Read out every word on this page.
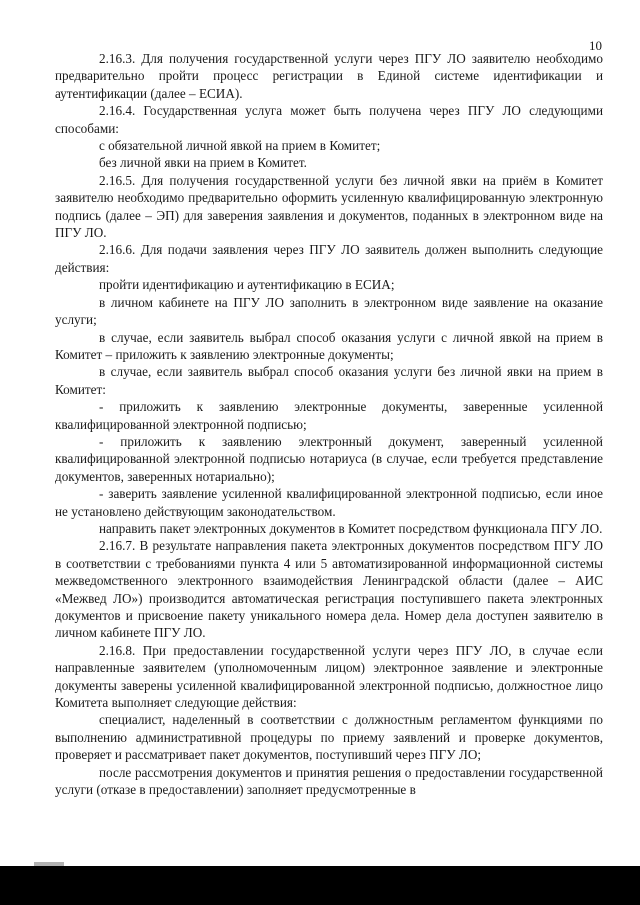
10

2.16.3. Для получения государственной услуги через ПГУ ЛО заявителю необходимо предварительно пройти процесс регистрации в Единой системе идентификации и аутентификации (далее – ЕСИА).

2.16.4. Государственная услуга может быть получена через ПГУ ЛО следующими способами:

с обязательной личной явкой на прием в Комитет;

без личной явки на прием в Комитет.

2.16.5. Для получения государственной услуги без личной явки на приём в Комитет заявителю необходимо предварительно оформить усиленную квалифицированную электронную подпись (далее – ЭП) для заверения заявления и документов, поданных в электронном виде на ПГУ ЛО.

2.16.6. Для подачи заявления через ПГУ ЛО заявитель должен выполнить следующие действия:

пройти идентификацию и аутентификацию в ЕСИА;

в личном кабинете на ПГУ ЛО заполнить в электронном виде заявление на оказание услуги;

в случае, если заявитель выбрал способ оказания услуги с личной явкой на прием в Комитет – приложить к заявлению электронные документы;

в случае, если заявитель выбрал способ оказания услуги без личной явки на прием в Комитет:

- приложить к заявлению электронные документы, заверенные усиленной квалифицированной электронной подписью;

- приложить к заявлению электронный документ, заверенный усиленной квалифицированной электронной подписью нотариуса (в случае, если требуется представление документов, заверенных нотариально);

- заверить заявление усиленной квалифицированной электронной подписью, если иное не установлено действующим законодательством.

направить пакет электронных документов в Комитет посредством функционала ПГУ ЛО.

2.16.7. В результате направления пакета электронных документов посредством ПГУ ЛО в соответствии с требованиями пункта 4 или 5 автоматизированной информационной системы межведомственного электронного взаимодействия Ленинградской области (далее – АИС «Межвед ЛО») производится автоматическая регистрация поступившего пакета электронных документов и присвоение пакету уникального номера дела. Номер дела доступен заявителю в личном кабинете ПГУ ЛО.

2.16.8. При предоставлении государственной услуги через ПГУ ЛО, в случае если направленные заявителем (уполномоченным лицом) электронное заявление и электронные документы заверены усиленной квалифицированной электронной подписью, должностное лицо Комитета выполняет следующие действия:

специалист, наделенный в соответствии с должностным регламентом функциями по выполнению административной процедуры по приему заявлений и проверке документов, проверяет и рассматривает пакет документов, поступивший через ПГУ ЛО;

после рассмотрения документов и принятия решения о предоставлении государственной услуги (отказе в предоставлении) заполняет предусмотренные в
